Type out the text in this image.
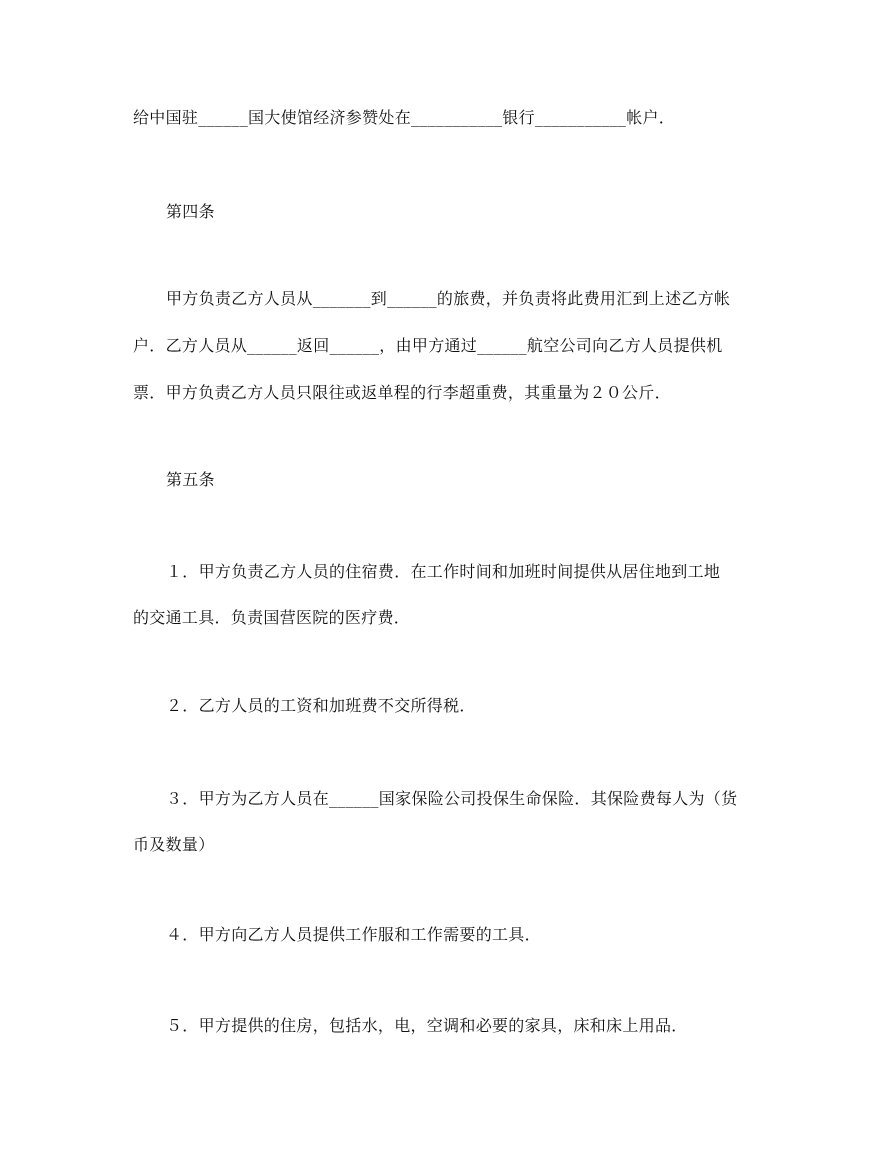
给中国驻______国大使馆经济参赞处在___________银行___________帐户．
第四条
甲方负责乙方人员从_______到______的旅费，并负责将此费用汇到上述乙方帐
户．乙方人员从______返回______，由甲方通过______航空公司向乙方人员提供机
票．甲方负责乙方人员只限往或返单程的行李超重费，其重量为２０公斤．
第五条
１．甲方负责乙方人员的住宿费．在工作时间和加班时间提供从居住地到工地
的交通工具．负责国营医院的医疗费．
２．乙方人员的工资和加班费不交所得税．
３．甲方为乙方人员在______国家保险公司投保生命保险．其保险费每人为（货
币及数量）
４．甲方向乙方人员提供工作服和工作需要的工具．
５．甲方提供的住房，包括水，电，空调和必要的家具，床和床上用品．
